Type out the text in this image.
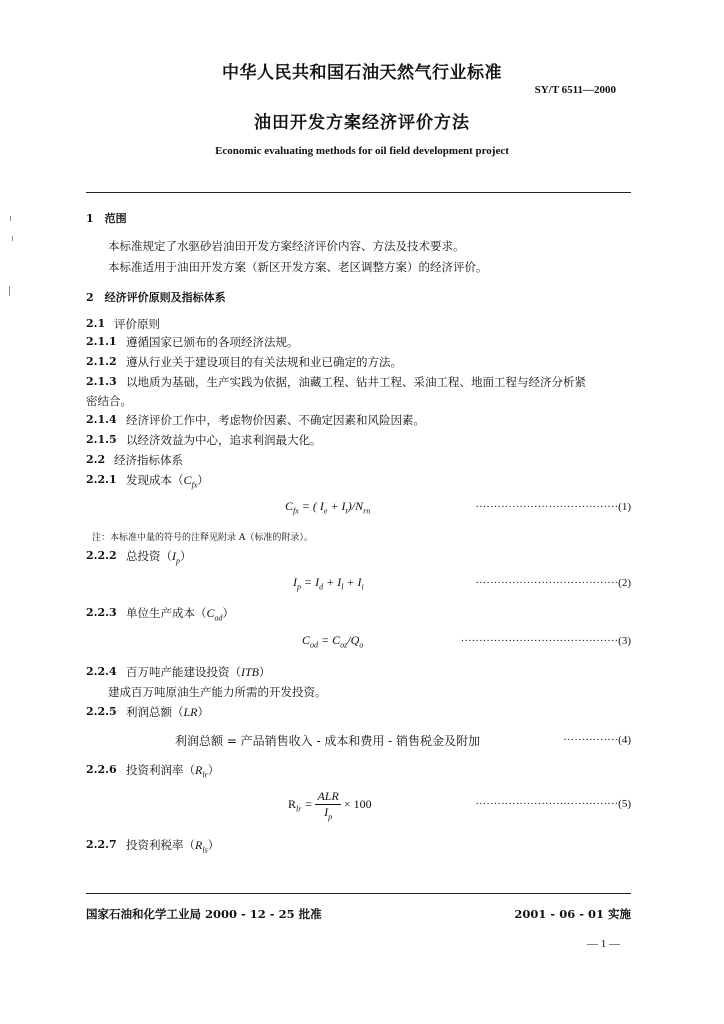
中华人民共和国石油天然气行业标准
SY/T 6511—2000
油田开发方案经济评价方法
Economic evaluating methods for oil field development project
1　范围
本标准规定了水驱砂岩油田开发方案经济评价内容、方法及技术要求。
本标准适用于油田开发方案（新区开发方案、老区调整方案）的经济评价。
2　经济评价原则及指标体系
2.1 评价原则
2.1.1 遵循国家已颁布的各项经济法规。
2.1.2 遵从行业关于建设项目的有关法规和业已确定的方法。
2.1.3 以地质为基础，生产实践为依据，油藏工程、钻井工程、采油工程、地面工程与经济分析紧
密结合。
2.1.4 经济评价工作中，考虑物价因素、不确定因素和风险因素。
2.1.5 以经济效益为中心，追求利润最大化。
2.2 经济指标体系
2.2.1 发现成本$(C_{fx})$
$C_{fx}$ = ( $I_e + I_t)/N_{rn}$	·······································(1)
注：本标准中量的符号的注释见附录 A（标准的附录）。
2.2.2 总投资$(I_p)$
$I_p = I_d + I_l + I_i$	·······································(2)
2.2.3 单位生产成本$(C_{od})$
$C_{od} = C_{oz}/Q_o$	···········································(3)
2.2.4 百万吨产能建设投资（ITB）
建成百万吨原油生产能力所需的开发投资。
2.2.5 利润总额（LR）
利润总额 = 产品销售收入 - 成本和费用 - 销售税金及附加	···············(4)
2.2.6 投资利润率$(R_{lr})$
$R_{lr} = \frac{\text{ALR}}{I_p} \times 100$	·······································(5)
2.2.7 投资利税率$(R_{ls})$
国家石油和化学工业局 2000 - 12 - 25 批准	2001 - 06 - 01 实施
— 1 —
